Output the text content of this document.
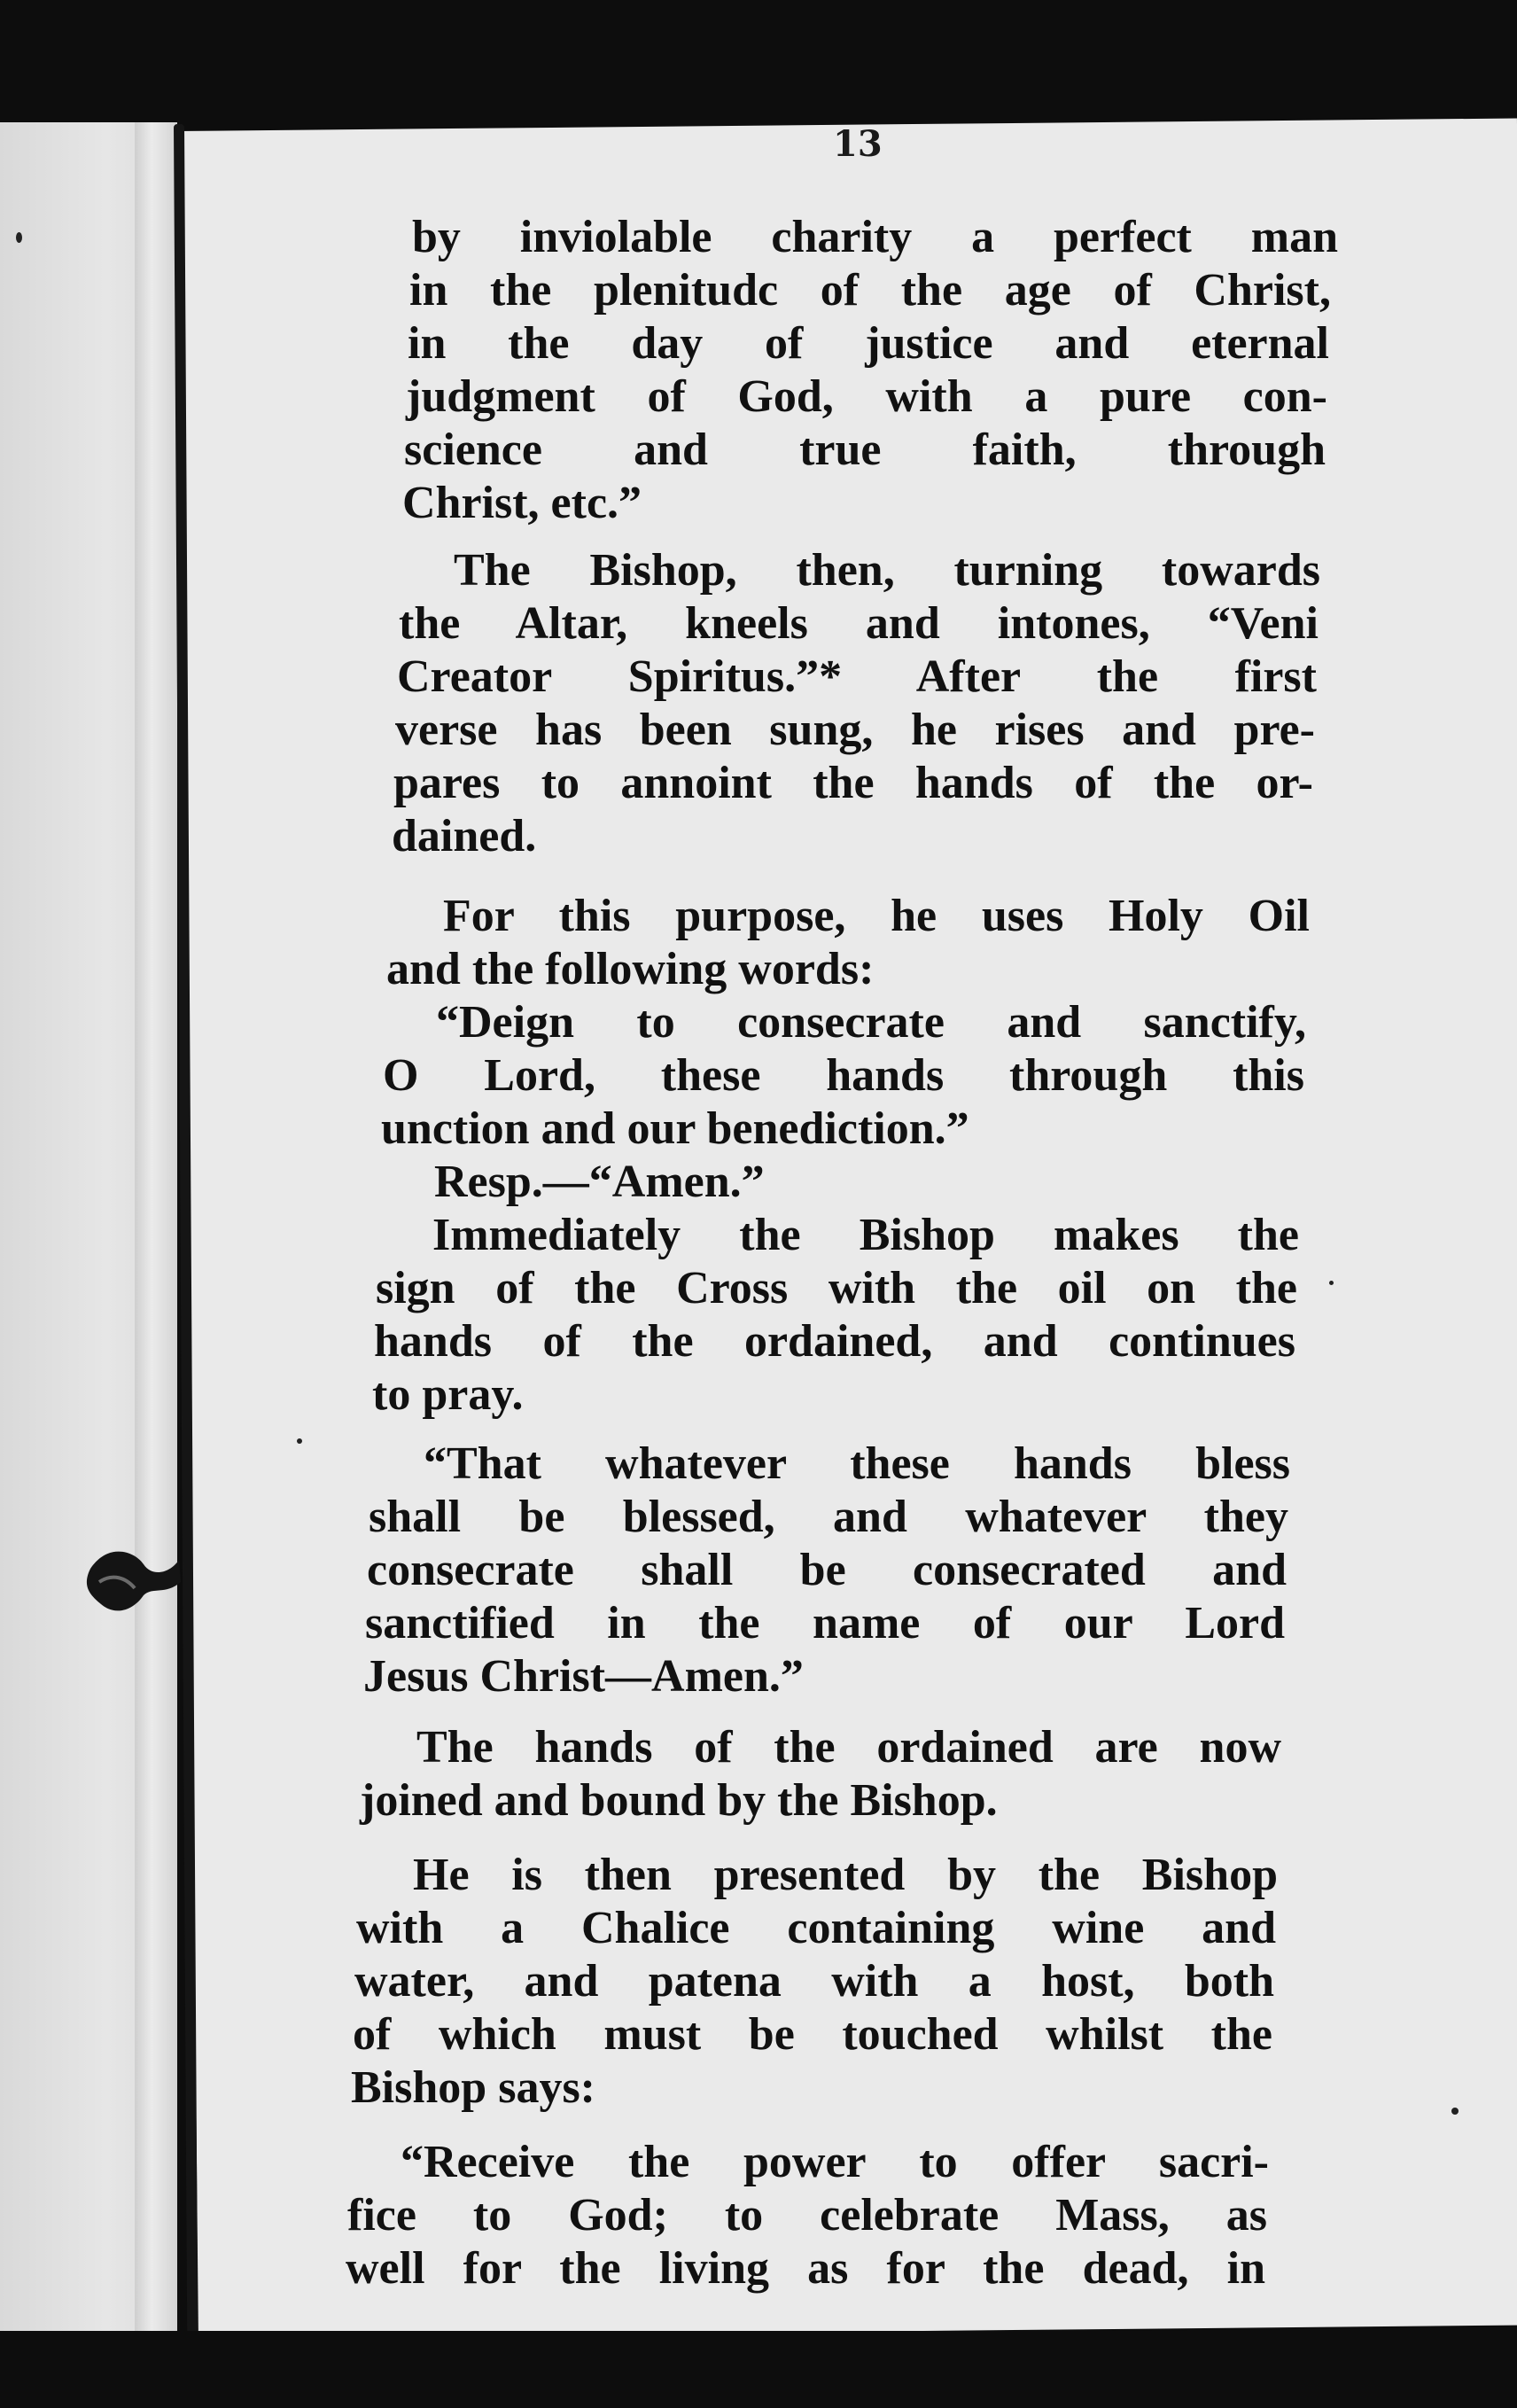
13
by inviolable charity a perfect man
in the plenitudc of the age of Christ,
in the day of justice and eternal
judgment of God, with a pure con-
science and true faith, through
Christ, etc.”
The Bishop, then, turning towards
the Altar, kneels and intones, “Veni
Creator Spiritus.”* After the first
verse has been sung, he rises and pre-
pares to annoint the hands of the or-
dained.
For this purpose, he uses Holy Oil
and the following words:
“Deign to consecrate and sanctify,
O Lord, these hands through this
unction and our benediction.”
Resp.—“Amen.”
Immediately the Bishop makes the
sign of the Cross with the oil on the
hands of the ordained, and continues
to pray.
“That whatever these hands bless
shall be blessed, and whatever they
consecrate shall be consecrated and
sanctified in the name of our Lord
Jesus Christ—Amen.”
The hands of the ordained are now
joined and bound by the Bishop.
He is then presented by the Bishop
with a Chalice containing wine and
water, and patena with a host, both
of which must be touched whilst the
Bishop says:
“Receive the power to offer sacri-
fice to God; to celebrate Mass, as
well for the living as for the dead, in
